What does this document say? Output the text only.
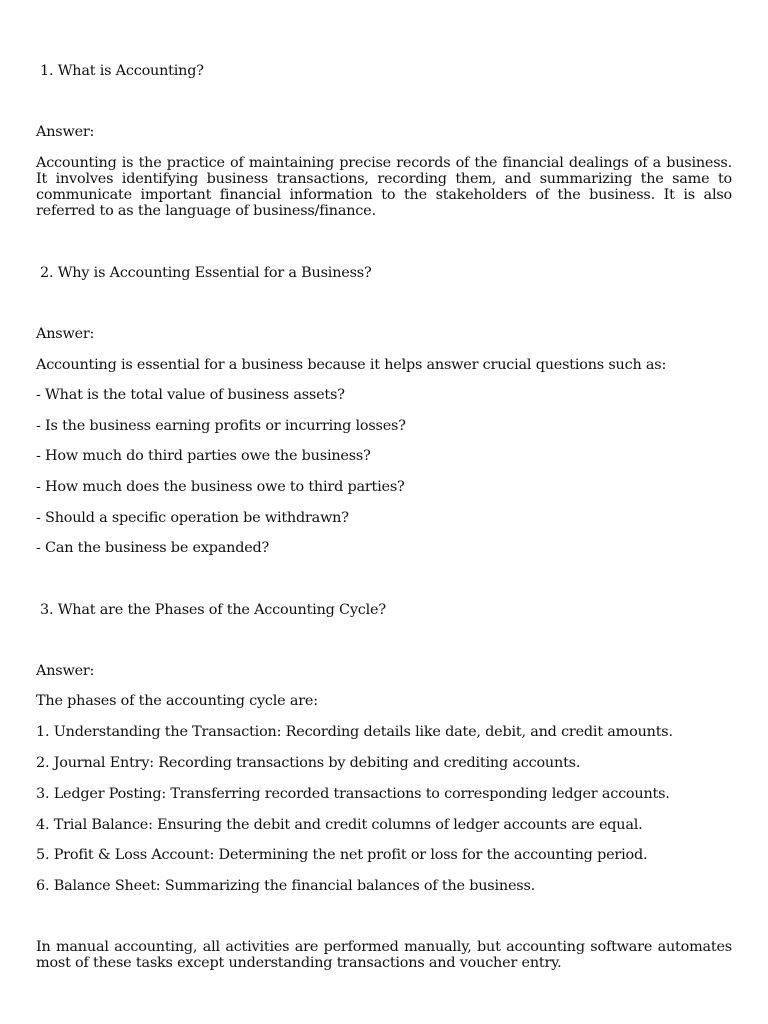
1. What is Accounting?
Answer:
Accounting is the practice of maintaining precise records of the financial dealings of a business. It involves identifying business transactions, recording them, and summarizing the same to communicate important financial information to the stakeholders of the business. It is also referred to as the language of business/finance.
2. Why is Accounting Essential for a Business?
Answer:
Accounting is essential for a business because it helps answer crucial questions such as:
- What is the total value of business assets?
- Is the business earning profits or incurring losses?
- How much do third parties owe the business?
- How much does the business owe to third parties?
- Should a specific operation be withdrawn?
- Can the business be expanded?
3. What are the Phases of the Accounting Cycle?
Answer:
The phases of the accounting cycle are:
1. Understanding the Transaction: Recording details like date, debit, and credit amounts.
2. Journal Entry: Recording transactions by debiting and crediting accounts.
3. Ledger Posting: Transferring recorded transactions to corresponding ledger accounts.
4. Trial Balance: Ensuring the debit and credit columns of ledger accounts are equal.
5. Profit & Loss Account: Determining the net profit or loss for the accounting period.
6. Balance Sheet: Summarizing the financial balances of the business.
In manual accounting, all activities are performed manually, but accounting software automates most of these tasks except understanding transactions and voucher entry.
